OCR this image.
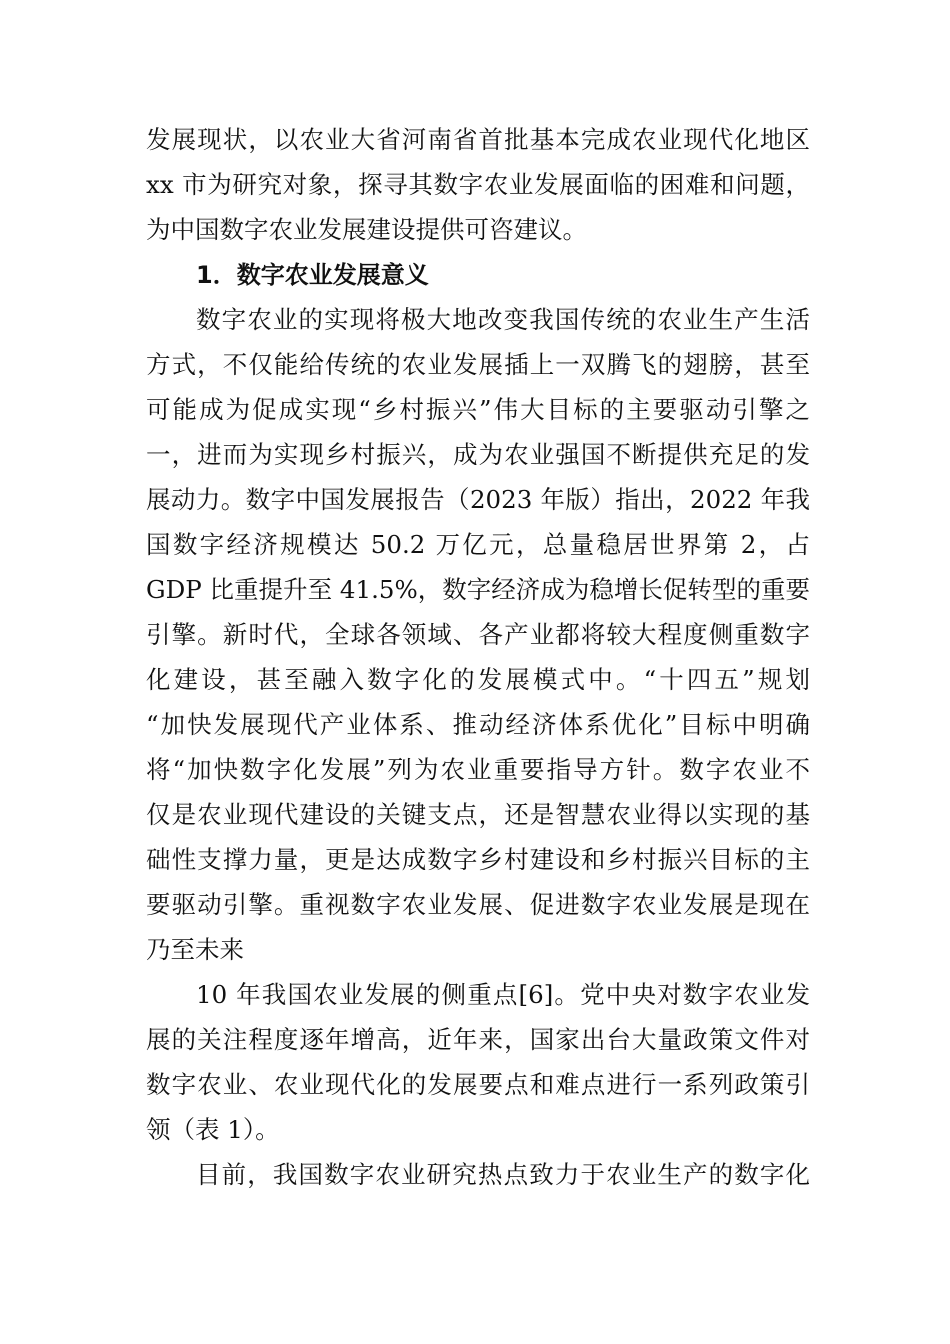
发展现状，以农业大省河南省首批基本完成农业现代化地区
xx 市为研究对象，探寻其数字农业发展面临的困难和问题，
为中国数字农业发展建设提供可咨建议。
1．数字农业发展意义
数字农业的实现将极大地改变我国传统的农业生产生活
方式，不仅能给传统的农业发展插上一双腾飞的翅膀，甚至
可能成为促成实现“乡村振兴”伟大目标的主要驱动引擎之
一，进而为实现乡村振兴，成为农业强国不断提供充足的发
展动力。数字中国发展报告（2023 年版）指出，2022 年我
国数字经济规模达 50.2 万亿元，总量稳居世界第 2，占
GDP 比重提升至 41.5%，数字经济成为稳增长促转型的重要
引擎。新时代，全球各领域、各产业都将较大程度侧重数字
化建设，甚至融入数字化的发展模式中。“十四五”规划
“加快发展现代产业体系、推动经济体系优化”目标中明确
将“加快数字化发展”列为农业重要指导方针。数字农业不
仅是农业现代建设的关键支点，还是智慧农业得以实现的基
础性支撑力量，更是达成数字乡村建设和乡村振兴目标的主
要驱动引擎。重视数字农业发展、促进数字农业发展是现在
乃至未来
10 年我国农业发展的侧重点[6]。党中央对数字农业发
展的关注程度逐年增高，近年来，国家出台大量政策文件对
数字农业、农业现代化的发展要点和难点进行一系列政策引
领（表 1）。
目前，我国数字农业研究热点致力于农业生产的数字化
